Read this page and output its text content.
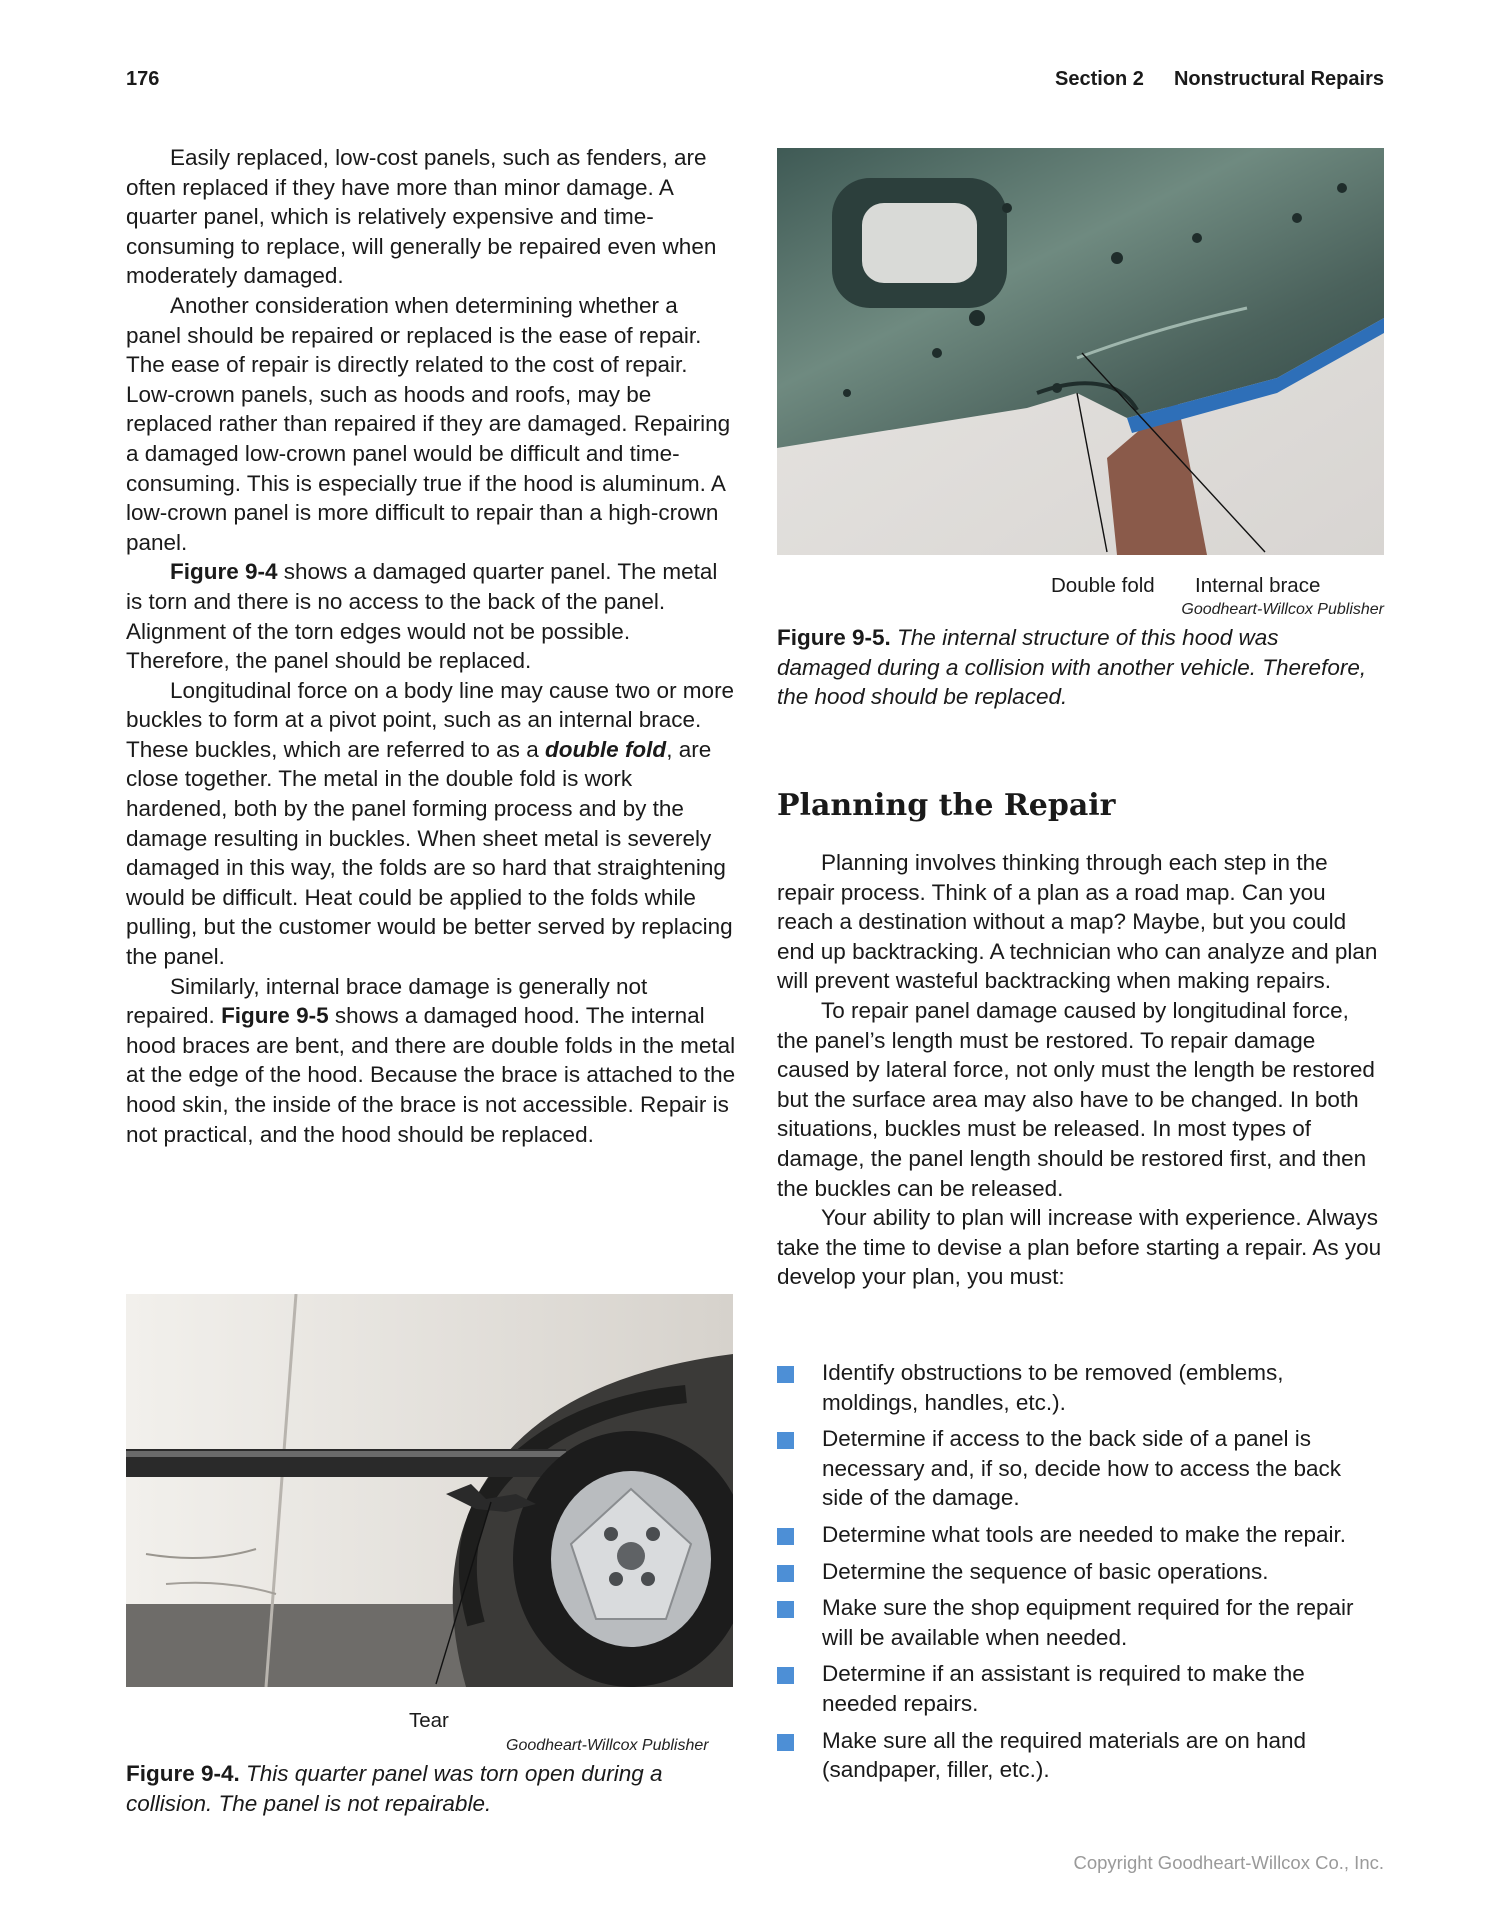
176	Section 2 Nonstructural Repairs

Easily replaced, low-cost panels, such as fenders, are often replaced if they have more than minor damage. A quarter panel, which is relatively expensive and time-consuming to replace, will generally be repaired even when moderately damaged.

Another consideration when determining whether a panel should be repaired or replaced is the ease of repair. The ease of repair is directly related to the cost of repair. Low-crown panels, such as hoods and roofs, may be replaced rather than repaired if they are damaged. Repairing a damaged low-crown panel would be difficult and time-consuming. This is especially true if the hood is aluminum. A low-crown panel is more difficult to repair than a high-crown panel.

Figure 9-4 shows a damaged quarter panel. The metal is torn and there is no access to the back of the panel. Alignment of the torn edges would not be possible. Therefore, the panel should be replaced.

Longitudinal force on a body line may cause two or more buckles to form at a pivot point, such as an internal brace. These buckles, which are referred to as a double fold, are close together. The metal in the double fold is work hardened, both by the panel forming process and by the damage resulting in buckles. When sheet metal is severely damaged in this way, the folds are so hard that straightening would be difficult. Heat could be applied to the folds while pulling, but the customer would be better served by replacing the panel.

Similarly, internal brace damage is generally not repaired. Figure 9-5 shows a damaged hood. The internal hood braces are bent, and there are double folds in the metal at the edge of the hood. Because the brace is attached to the hood skin, the inside of the brace is not accessible. Repair is not practical, and the hood should be replaced.

Double fold Internal brace
Goodheart-Willcox Publisher
Figure 9-5. The internal structure of this hood was damaged during a collision with another vehicle. Therefore, the hood should be replaced.
Planning the Repair

Planning involves thinking through each step in the repair process. Think of a plan as a road map. Can you reach a destination without a map? Maybe, but you could end up backtracking. A technician who can analyze and plan will prevent wasteful backtracking when making repairs.

To repair panel damage caused by longitudinal force, the panel’s length must be restored. To repair damage caused by lateral force, not only must the length be restored but the surface area may also have to be changed. In both situations, buckles must be released. In most types of damage, the panel length should be restored first, and then the buckles can be released.

Your ability to plan will increase with experience. Always take the time to devise a plan before starting a repair. As you develop your plan, you must:

Identify obstructions to be removed (emblems, moldings, handles, etc.).
Determine if access to the back side of a panel is necessary and, if so, decide how to access the back side of the damage.
Determine what tools are needed to make the repair.
Determine the sequence of basic operations.
Make sure the shop equipment required for the repair will be available when needed.
Determine if an assistant is required to make the needed repairs.
Make sure all the required materials are on hand (sandpaper, filler, etc.).
Tear
Goodheart-Willcox Publisher
Figure 9-4. This quarter panel was torn open during a collision. The panel is not repairable.
Copyright Goodheart-Willcox Co., Inc.
